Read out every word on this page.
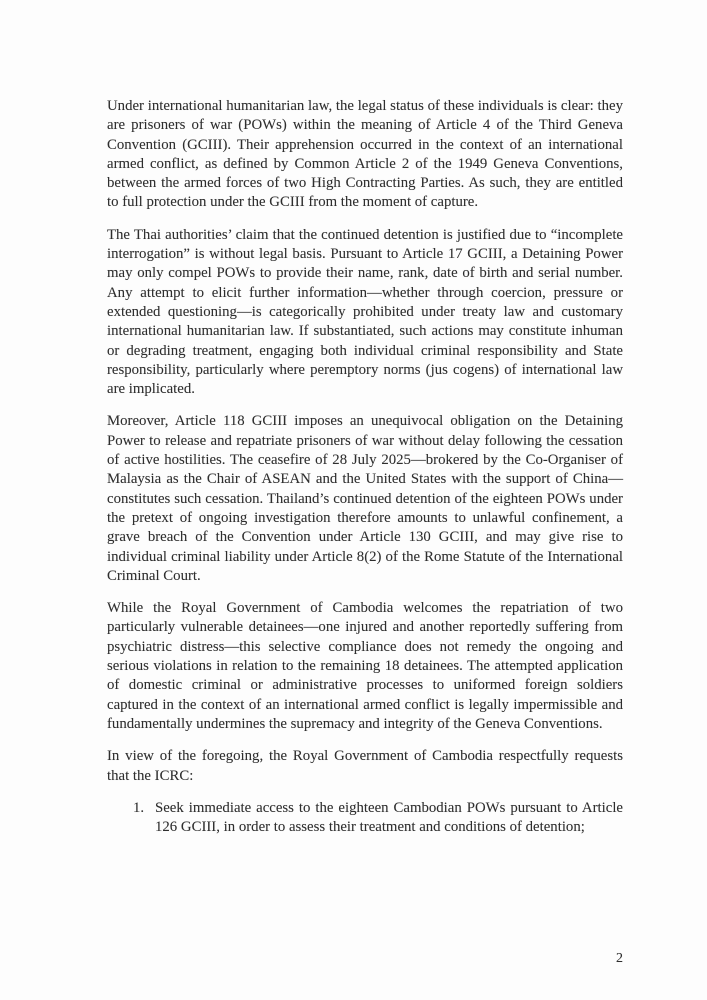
Under international humanitarian law, the legal status of these individuals is clear: they are prisoners of war (POWs) within the meaning of Article 4 of the Third Geneva Convention (GCIII). Their apprehension occurred in the context of an international armed conflict, as defined by Common Article 2 of the 1949 Geneva Conventions, between the armed forces of two High Contracting Parties. As such, they are entitled to full protection under the GCIII from the moment of capture.

The Thai authorities’ claim that the continued detention is justified due to “incomplete interrogation” is without legal basis. Pursuant to Article 17 GCIII, a Detaining Power may only compel POWs to provide their name, rank, date of birth and serial number. Any attempt to elicit further information—whether through coercion, pressure or extended questioning—is categorically prohibited under treaty law and customary international humanitarian law. If substantiated, such actions may constitute inhuman or degrading treatment, engaging both individual criminal responsibility and State responsibility, particularly where peremptory norms (jus cogens) of international law are implicated.

Moreover, Article 118 GCIII imposes an unequivocal obligation on the Detaining Power to release and repatriate prisoners of war without delay following the cessation of active hostilities. The ceasefire of 28 July 2025—brokered by the Co-Organiser of Malaysia as the Chair of ASEAN and the United States with the support of China—constitutes such cessation. Thailand’s continued detention of the eighteen POWs under the pretext of ongoing investigation therefore amounts to unlawful confinement, a grave breach of the Convention under Article 130 GCIII, and may give rise to individual criminal liability under Article 8(2) of the Rome Statute of the International Criminal Court.

While the Royal Government of Cambodia welcomes the repatriation of two particularly vulnerable detainees—one injured and another reportedly suffering from psychiatric distress—this selective compliance does not remedy the ongoing and serious violations in relation to the remaining 18 detainees. The attempted application of domestic criminal or administrative processes to uniformed foreign soldiers captured in the context of an international armed conflict is legally impermissible and fundamentally undermines the supremacy and integrity of the Geneva Conventions.

In view of the foregoing, the Royal Government of Cambodia respectfully requests that the ICRC:

1. Seek immediate access to the eighteen Cambodian POWs pursuant to Article 126 GCIII, in order to assess their treatment and conditions of detention;
2
